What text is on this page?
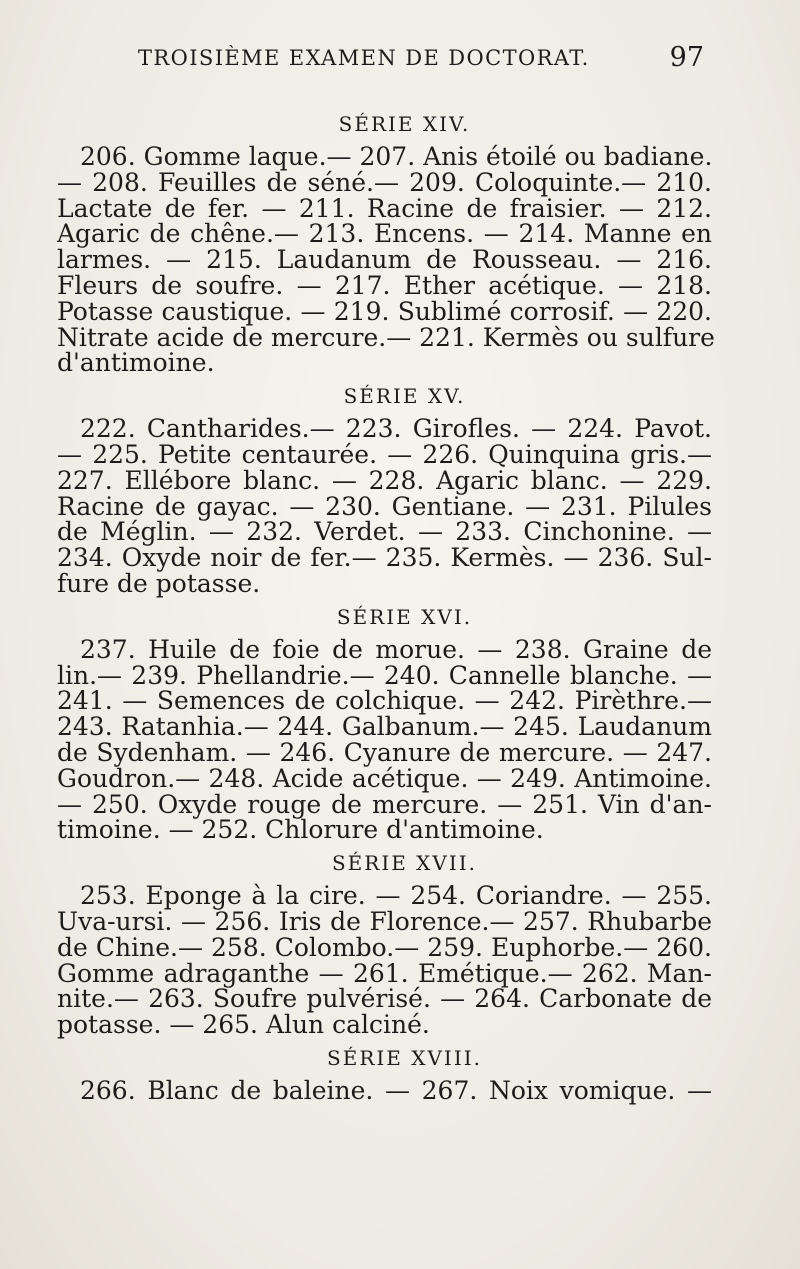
TROISIÈME EXAMEN DE DOCTORAT.	97
SÉRIE XIV.
206. Gomme laque.— 207. Anis étoilé ou badiane.
— 208. Feuilles de séné.— 209. Coloquinte.— 210.
Lactate de fer. — 211. Racine de fraisier. — 212.
Agaric de chêne.— 213. Encens. — 214. Manne en
larmes. — 215. Laudanum de Rousseau. — 216.
Fleurs de soufre. — 217. Ether acétique. — 218.
Potasse caustique. — 219. Sublimé corrosif. — 220.
Nitrate acide de mercure.— 221. Kermès ou sulfure
d'antimoine.
SÉRIE XV.
222. Cantharides.— 223. Girofles. — 224. Pavot.
— 225. Petite centaurée. — 226. Quinquina gris.—
227. Ellébore blanc. — 228. Agaric blanc. — 229.
Racine de gayac. — 230. Gentiane. — 231. Pilules
de Méglin. — 232. Verdet. — 233. Cinchonine. —
234. Oxyde noir de fer.— 235. Kermès. — 236. Sul-
fure de potasse.
SÉRIE XVI.
237. Huile de foie de morue. — 238. Graine de
lin.— 239. Phellandrie.— 240. Cannelle blanche. —
241. — Semences de colchique. — 242. Pirèthre.—
243. Ratanhia.— 244. Galbanum.— 245. Laudanum
de Sydenham. — 246. Cyanure de mercure. — 247.
Goudron.— 248. Acide acétique. — 249. Antimoine.
— 250. Oxyde rouge de mercure. — 251. Vin d'an-
timoine. — 252. Chlorure d'antimoine.
SÉRIE XVII.
253. Eponge à la cire. — 254. Coriandre. — 255.
Uva-ursi. — 256. Iris de Florence.— 257. Rhubarbe
de Chine.— 258. Colombo.— 259. Euphorbe.— 260.
Gomme adraganthe — 261. Emétique.— 262. Man-
nite.— 263. Soufre pulvérisé. — 264. Carbonate de
potasse. — 265. Alun calciné.
SÉRIE XVIII.
266. Blanc de baleine. — 267. Noix vomique. —
